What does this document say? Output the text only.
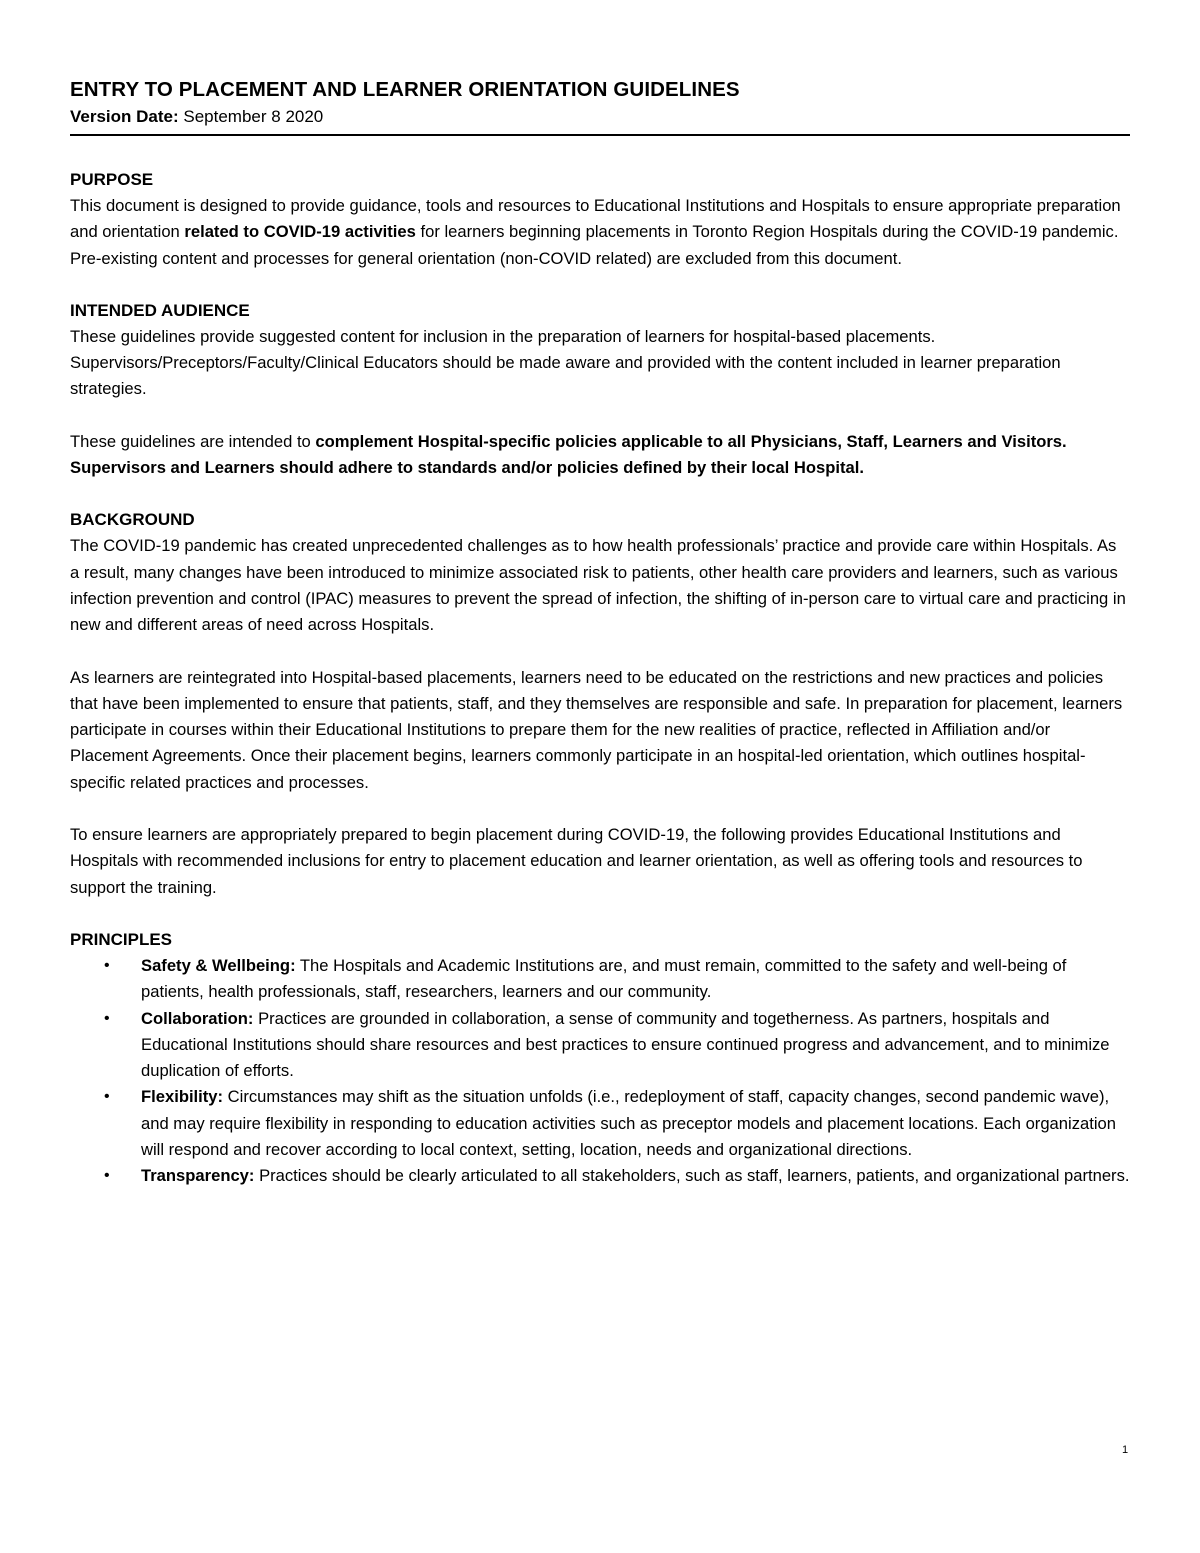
ENTRY TO PLACEMENT AND LEARNER ORIENTATION GUIDELINES
Version Date: September 8 2020
PURPOSE

This document is designed to provide guidance, tools and resources to Educational Institutions and Hospitals to ensure appropriate preparation and orientation related to COVID-19 activities for learners beginning placements in Toronto Region Hospitals during the COVID-19 pandemic. Pre-existing content and processes for general orientation (non-COVID related) are excluded from this document.

INTENDED AUDIENCE

These guidelines provide suggested content for inclusion in the preparation of learners for hospital-based placements. Supervisors/Preceptors/Faculty/Clinical Educators should be made aware and provided with the content included in learner preparation strategies.

These guidelines are intended to complement Hospital-specific policies applicable to all Physicians, Staff, Learners and Visitors. Supervisors and Learners should adhere to standards and/or policies defined by their local Hospital.

BACKGROUND

The COVID-19 pandemic has created unprecedented challenges as to how health professionals’ practice and provide care within Hospitals. As a result, many changes have been introduced to minimize associated risk to patients, other health care providers and learners, such as various infection prevention and control (IPAC) measures to prevent the spread of infection, the shifting of in-person care to virtual care and practicing in new and different areas of need across Hospitals.

As learners are reintegrated into Hospital-based placements, learners need to be educated on the restrictions and new practices and policies that have been implemented to ensure that patients, staff, and they themselves are responsible and safe. In preparation for placement, learners participate in courses within their Educational Institutions to prepare them for the new realities of practice, reflected in Affiliation and/or Placement Agreements. Once their placement begins, learners commonly participate in an hospital-led orientation, which outlines hospital-specific related practices and processes.

To ensure learners are appropriately prepared to begin placement during COVID-19, the following provides Educational Institutions and Hospitals with recommended inclusions for entry to placement education and learner orientation, as well as offering tools and resources to support the training.

PRINCIPLES
• Safety & Wellbeing: The Hospitals and Academic Institutions are, and must remain, committed to the safety and well-being of patients, health professionals, staff, researchers, learners and our community.
• Collaboration: Practices are grounded in collaboration, a sense of community and togetherness. As partners, hospitals and Educational Institutions should share resources and best practices to ensure continued progress and advancement, and to minimize duplication of efforts.
• Flexibility: Circumstances may shift as the situation unfolds (i.e., redeployment of staff, capacity changes, second pandemic wave), and may require flexibility in responding to education activities such as preceptor models and placement locations. Each organization will respond and recover according to local context, setting, location, needs and organizational directions.
• Transparency: Practices should be clearly articulated to all stakeholders, such as staff, learners, patients, and organizational partners.
1
